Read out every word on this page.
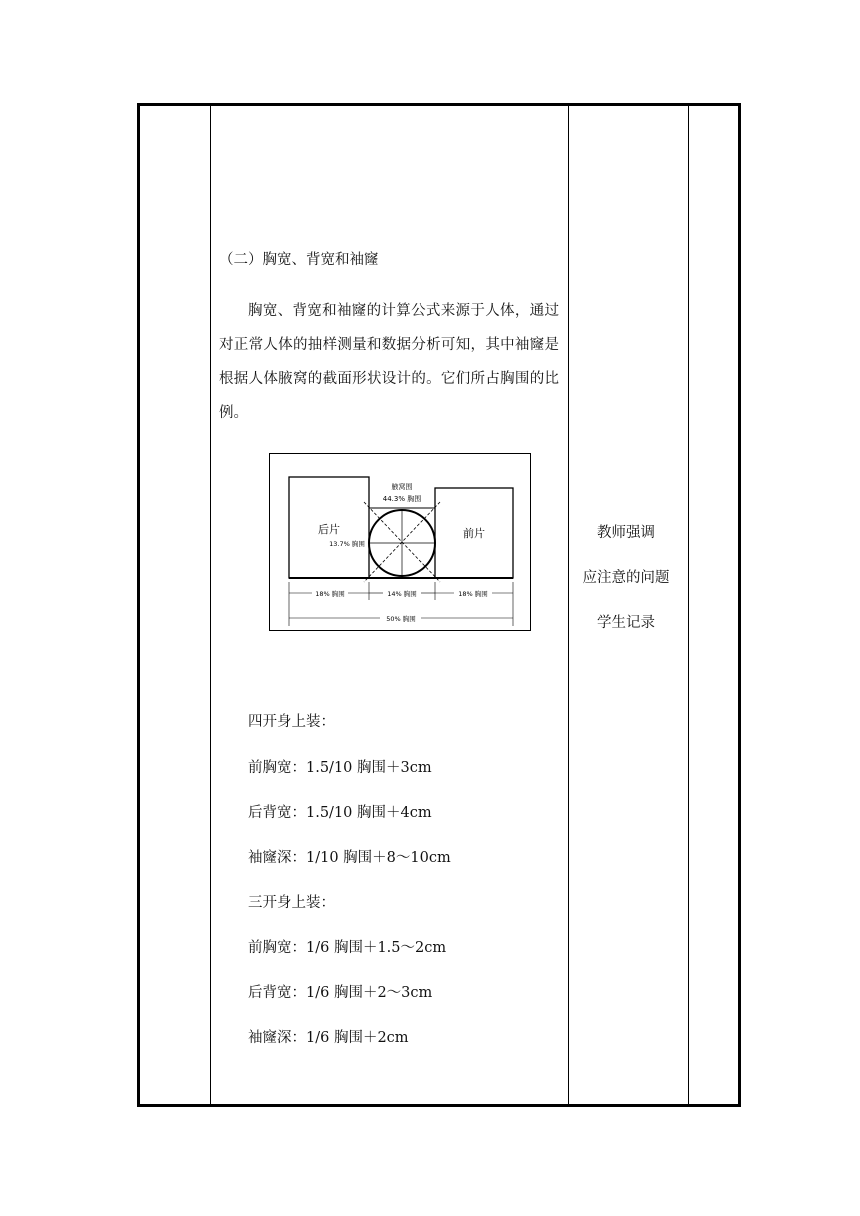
（二）胸宽、背宽和袖窿
胸宽、背宽和袖窿的计算公式来源于人体，通过对正常人体的抽样测量和数据分析可知，其中袖窿是根据人体腋窝的截面形状设计的。它们所占胸围的比例。
后片	前片
腋窝围
44.3% 胸围
13.7% 胸围
18% 胸围	14% 胸围	18% 胸围
50% 胸围
四开身上装：
前胸宽：1.5/10 胸围＋3cm
后背宽：1.5/10 胸围＋4cm
袖窿深：1/10 胸围＋8～10cm
三开身上装：
前胸宽：1/6 胸围＋1.5～2cm
后背宽：1/6 胸围＋2～3cm
袖窿深：1/6 胸围＋2cm
教师强调
应注意的问题
学生记录
